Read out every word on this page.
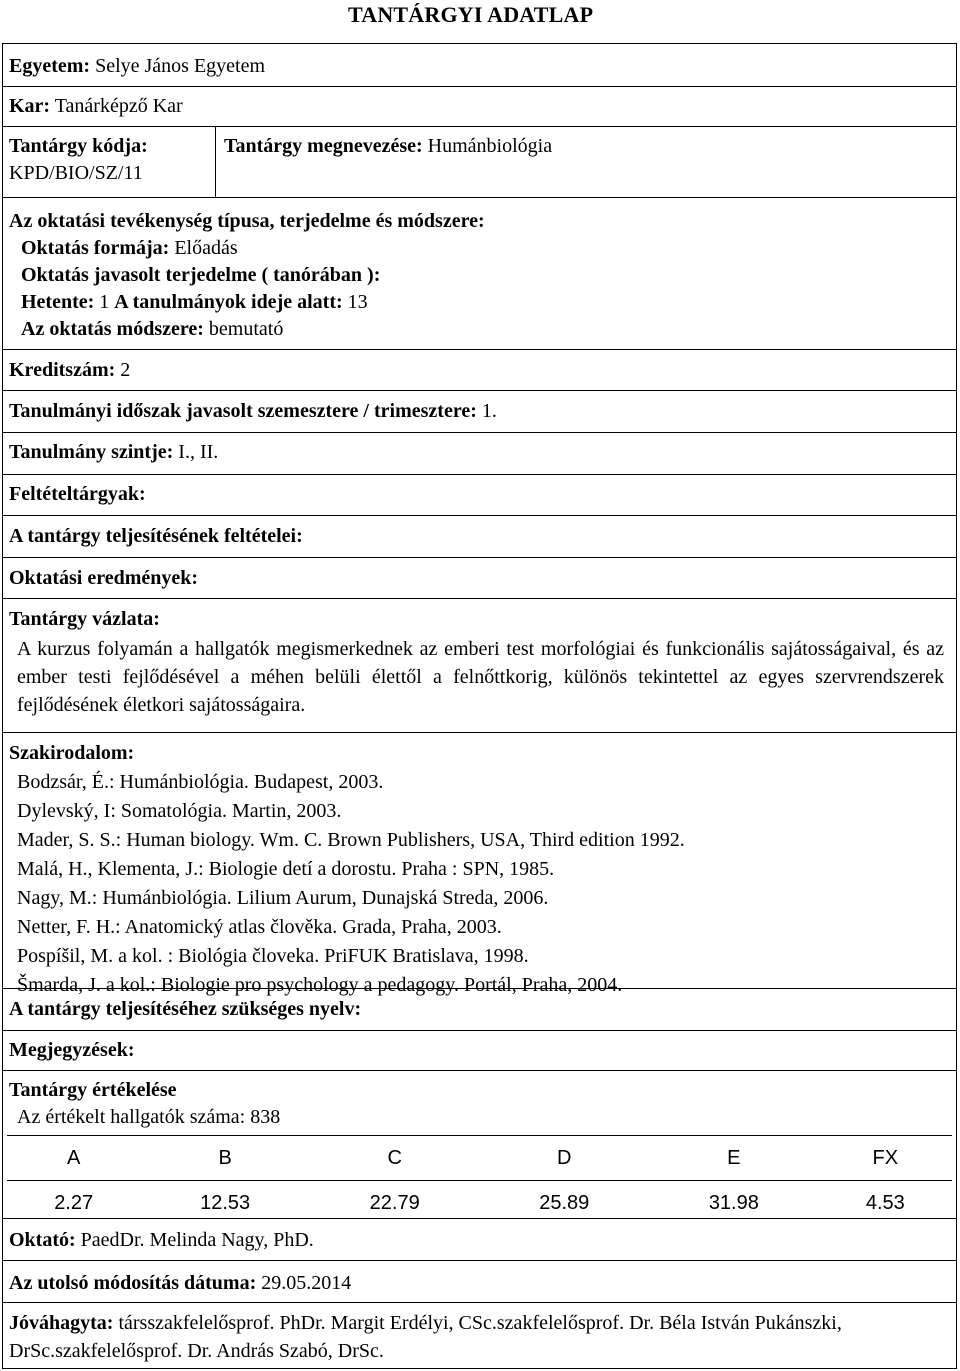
TANTÁRGYI ADATLAP
Egyetem: Selye János Egyetem
Kar: Tanárképző Kar
Tantárgy kódja:
KPD/BIO/SZ/11
Tantárgy megnevezése: Humánbiológia
Az oktatási tevékenység típusa, terjedelme és módszere:
Oktatás formája: Előadás
Oktatás javasolt terjedelme ( tanórában ):
Hetente: 1 A tanulmányok ideje alatt: 13
Az oktatás módszere: bemutató
Kreditszám: 2
Tanulmányi időszak javasolt szemesztere / trimesztere: 1.
Tanulmány szintje: I., II.
Feltételtárgyak:
A tantárgy teljesítésének feltételei:
Oktatási eredmények:
Tantárgy vázlata:
A kurzus folyamán a hallgatók megismerkednek az emberi test morfológiai és funkcionális sajátosságaival, és az ember testi fejlődésével a méhen belüli élettől a felnőttkorig, különös tekintettel az egyes szervrendszerek fejlődésének életkori sajátosságaira.
Szakirodalom:
Bodzsár, É.: Humánbiológia. Budapest, 2003.
Dylevský, I: Somatológia. Martin, 2003.
Mader, S. S.: Human biology. Wm. C. Brown Publishers, USA, Third edition 1992.
Malá, H., Klementa, J.: Biologie detí a dorostu. Praha : SPN, 1985.
Nagy, M.: Humánbiológia. Lilium Aurum, Dunajská Streda, 2006.
Netter, F. H.: Anatomický atlas člověka. Grada, Praha, 2003.
Pospíšil, M. a kol. : Biológia človeka. PriFUK Bratislava, 1998.
Šmarda, J. a kol.: Biologie pro psychology a pedagogy. Portál, Praha, 2004.
A tantárgy teljesítéséhez szükséges nyelv:
Megjegyzések:
Tantárgy értékelése
Az értékelt hallgatók száma: 838
A	B	C	D	E	FX
2.27	12.53	22.79	25.89	31.98	4.53
Oktató: PaedDr. Melinda Nagy, PhD.
Az utolsó módosítás dátuma: 29.05.2014
Jóváhagyta: társszakfelelősprof. PhDr. Margit Erdélyi, CSc.szakfelelősprof. Dr. Béla István Pukánszki, DrSc.szakfelelősprof. Dr. András Szabó, DrSc.
